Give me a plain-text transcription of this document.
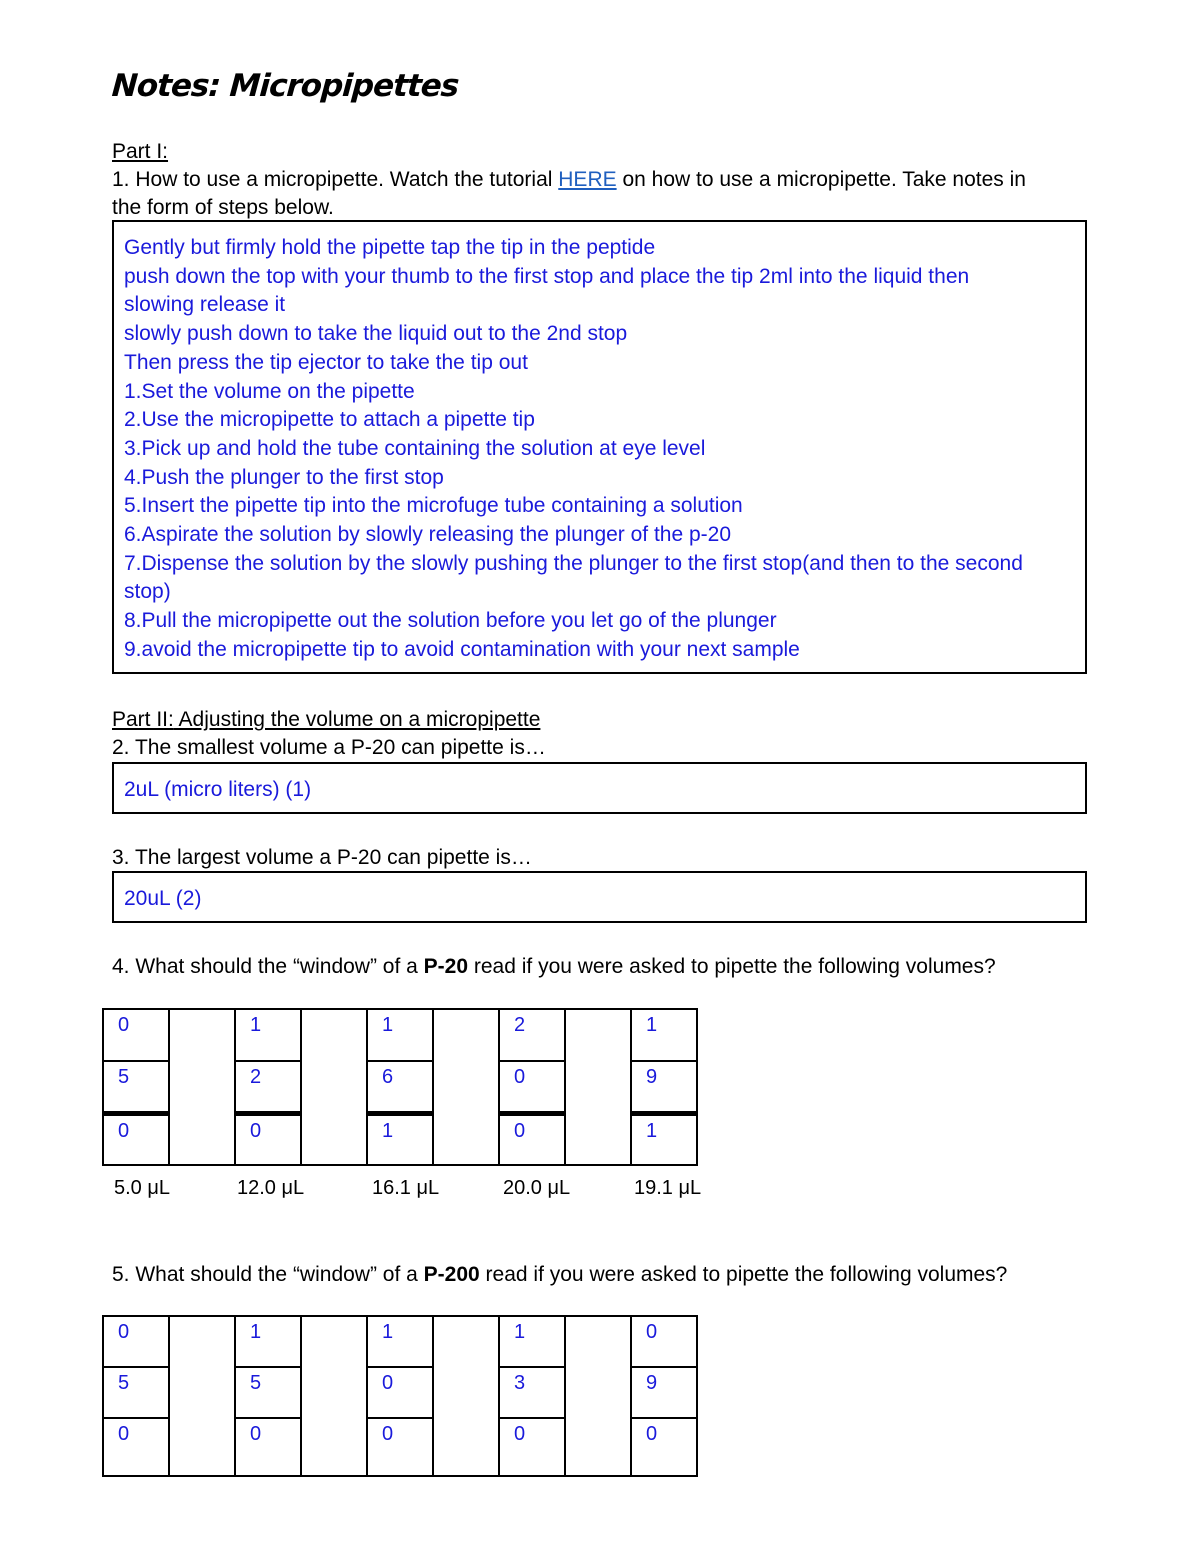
Notes: Micropipettes
Part I:
1. How to use a micropipette. Watch the tutorial HERE on how to use a micropipette. Take notes in
the form of steps below.
Gently but firmly hold the pipette tap the tip in the peptide
push down the top with your thumb to the first stop and place the tip 2ml into the liquid then
slowing release it
slowly push down to take the liquid out to the 2nd stop
Then press the tip ejector to take the tip out
1.Set the volume on the pipette
2.Use the micropipette to attach a pipette tip
3.Pick up and hold the tube containing the solution at eye level
4.Push the plunger to the first stop
5.Insert the pipette tip into the microfuge tube containing a solution
6.Aspirate the solution by slowly releasing the plunger of the p-20
7.Dispense the solution by the slowly pushing the plunger to the first stop(and then to the second
stop)
8.Pull the micropipette out the solution before you let go of the plunger
9.avoid the micropipette tip to avoid contamination with your next sample
Part II: Adjusting the volume on a micropipette
2. The smallest volume a P-20 can pipette is…
2uL (micro liters) (1)
3. The largest volume a P-20 can pipette is…
20uL (2)
4. What should the “window” of a P-20 read if you were asked to pipette the following volumes?
0		1		1		2		1
5		2		6		0		9
0		0		1		0		1
5.0 μL	12.0 μL	16.1 μL	20.0 μL	19.1 μL
5. What should the “window” of a P-200 read if you were asked to pipette the following volumes?
0		1		1		1		0
5		5		0		3		9
0		0		0		0		0
